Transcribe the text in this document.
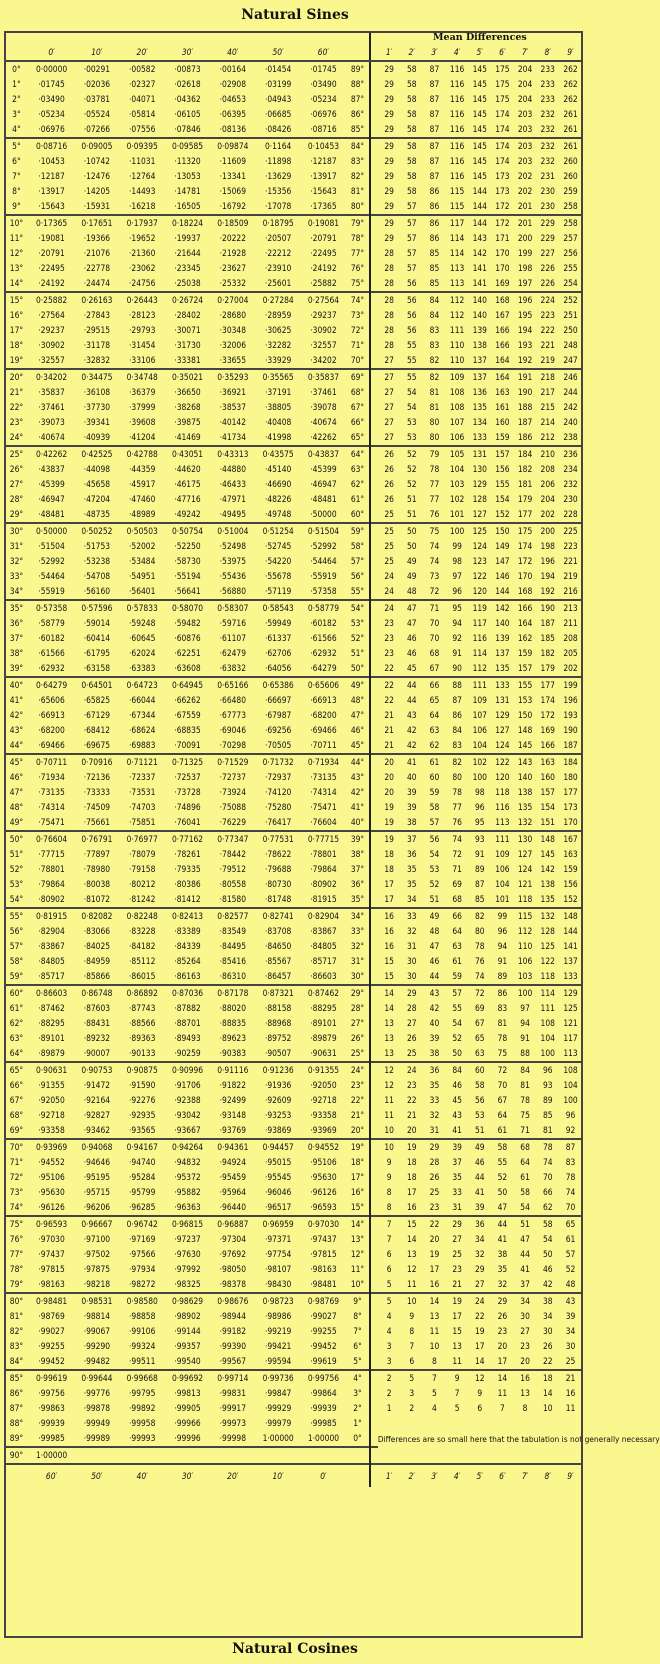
Natural Sines
										Mean Differences								
	0′	10′	20′	30′	40′	50′	60′			1′	2′	3′	4′	5′	6′	7′	8′	9′
0°	0·00000	·00291	·00582	·00873	·00164	·01454	·01745	89°		29	58	87	116	145	175	204	233	262
1°	·01745	·02036	·02327	·02618	·02908	·03199	·03490	88°		29	58	87	116	145	175	204	233	262
2°	·03490	·03781	·04071	·04362	·04653	·04943	·05234	87°		29	58	87	116	145	175	204	233	262
3°	·05234	·05524	·05814	·06105	·06395	·06685	·06976	86°		29	58	87	116	145	174	203	232	261
4°	·06976	·07266	·07556	·07846	·08136	·08426	·08716	85°		29	58	87	116	145	174	203	232	261
5°	0·08716	0·09005	0·09395	0·09585	0·09874	0·1164	0·10453	84°		29	58	87	116	145	174	203	232	261
6°	·10453	·10742	·11031	·11320	·11609	·11898	·12187	83°		29	58	87	116	145	174	203	232	260
7°	·12187	·12476	·12764	·13053	·13341	·13629	·13917	82°		29	58	87	116	145	173	202	231	260
8°	·13917	·14205	·14493	·14781	·15069	·15356	·15643	81°		29	58	86	115	144	173	202	230	259
9°	·15643	·15931	·16218	·16505	·16792	·17078	·17365	80°		29	57	86	115	144	172	201	230	258
10°	0·17365	0·17651	0·17937	0·18224	0·18509	0·18795	0·19081	79°		29	57	86	117	144	172	201	229	258
11°	·19081	·19366	·19652	·19937	·20222	·20507	·20791	78°		29	57	86	114	143	171	200	229	257
12°	·20791	·21076	·21360	·21644	·21928	·22212	·22495	77°		28	57	85	114	142	170	199	227	256
13°	·22495	·22778	·23062	·23345	·23627	·23910	·24192	76°		28	57	85	113	141	170	198	226	255
14°	·24192	·24474	·24756	·25038	·25332	·25601	·25882	75°		28	56	85	113	141	169	197	226	254
15°	0·25882	0·26163	0·26443	0·26724	0·27004	0·27284	0·27564	74°		28	56	84	112	140	168	196	224	252
16°	·27564	·27843	·28123	·28402	·28680	·28959	·29237	73°		28	56	84	112	140	167	195	223	251
17°	·29237	·29515	·29793	·30071	·30348	·30625	·30902	72°		28	56	83	111	139	166	194	222	250
18°	·30902	·31178	·31454	·31730	·32006	·32282	·32557	71°		28	55	83	110	138	166	193	221	248
19°	·32557	·32832	·33106	·33381	·33655	·33929	·34202	70°		27	55	82	110	137	164	192	219	247
20°	0·34202	0·34475	0·34748	0·35021	0·35293	0·35565	0·35837	69°		27	55	82	109	137	164	191	218	246
21°	·35837	·36108	·36379	·36650	·36921	·37191	·37461	68°		27	54	81	108	136	163	190	217	244
22°	·37461	·37730	·37999	·38268	·38537	·38805	·39078	67°		27	54	81	108	135	161	188	215	242
23°	·39073	·39341	·39608	·39875	·40142	·40408	·40674	66°		27	53	80	107	134	160	187	214	240
24°	·40674	·40939	·41204	·41469	·41734	·41998	·42262	65°		27	53	80	106	133	159	186	212	238
25°	0·42262	0·42525	0·42788	0·43051	0·43313	0·43575	0·43837	64°		26	52	79	105	131	157	184	210	236
26°	·43837	·44098	·44359	·44620	·44880	·45140	·45399	63°		26	52	78	104	130	156	182	208	234
27°	·45399	·45658	·45917	·46175	·46433	·46690	·46947	62°		26	52	77	103	129	155	181	206	232
28°	·46947	·47204	·47460	·47716	·47971	·48226	·48481	61°		26	51	77	102	128	154	179	204	230
29°	·48481	·48735	·48989	·49242	·49495	·49748	·50000	60°		25	51	76	101	127	152	177	202	228
30°	0·50000	0·50252	0·50503	0·50754	0·51004	0·51254	0·51504	59°		25	50	75	100	125	150	175	200	225
31°	·51504	·51753	·52002	·52250	·52498	·52745	·52992	58°		25	50	74	99	124	149	174	198	223
32°	·52992	·53238	·53484	·58730	·53975	·54220	·54464	57°		25	49	74	98	123	147	172	196	221
33°	·54464	·54708	·54951	·55194	·55436	·55678	·55919	56°		24	49	73	97	122	146	170	194	219
34°	·55919	·56160	·56401	·56641	·56880	·57119	·57358	55°		24	48	72	96	120	144	168	192	216
35°	0·57358	0·57596	0·57833	0·58070	0·58307	0·58543	0·58779	54°		24	47	71	95	119	142	166	190	213
36°	·58779	·59014	·59248	·59482	·59716	·59949	·60182	53°		23	47	70	94	117	140	164	187	211
37°	·60182	·60414	·60645	·60876	·61107	·61337	·61566	52°		23	46	70	92	116	139	162	185	208
38°	·61566	·61795	·62024	·62251	·62479	·62706	·62932	51°		23	46	68	91	114	137	159	182	205
39°	·62932	·63158	·63383	·63608	·63832	·64056	·64279	50°		22	45	67	90	112	135	157	179	202
40°	0·64279	0·64501	0·64723	0·64945	0·65166	0·65386	0·65606	49°		22	44	66	88	111	133	155	177	199
41°	·65606	·65825	·66044	·66262	·66480	·66697	·66913	48°		22	44	65	87	109	131	153	174	196
42°	·66913	·67129	·67344	·67559	·67773	·67987	·68200	47°		21	43	64	86	107	129	150	172	193
43°	·68200	·68412	·68624	·68835	·69046	·69256	·69466	46°		21	42	63	84	106	127	148	169	190
44°	·69466	·69675	·69883	·70091	·70298	·70505	·70711	45°		21	42	62	83	104	124	145	166	187
45°	0·70711	0·70916	0·71121	0·71325	0·71529	0·71732	0·71934	44°		20	41	61	82	102	122	143	163	184
46°	·71934	·72136	·72337	·72537	·72737	·72937	·73135	43°		20	40	60	80	100	120	140	160	180
47°	·73135	·73333	·73531	·73728	·73924	·74120	·74314	42°		20	39	59	78	98	118	138	157	177
48°	·74314	·74509	·74703	·74896	·75088	·75280	·75471	41°		19	39	58	77	96	116	135	154	173
49°	·75471	·75661	·75851	·76041	·76229	·76417	·76604	40°		19	38	57	76	95	113	132	151	170
50°	0·76604	0·76791	0·76977	0·77162	0·77347	0·77531	0·77715	39°		19	37	56	74	93	111	130	148	167
51°	·77715	·77897	·78079	·78261	·78442	·78622	·78801	38°		18	36	54	72	91	109	127	145	163
52°	·78801	·78980	·79158	·79335	·79512	·79688	·79864	37°		18	35	53	71	89	106	124	142	159
53°	·79864	·80038	·80212	·80386	·80558	·80730	·80902	36°		17	35	52	69	87	104	121	138	156
54°	·80902	·81072	·81242	·81412	·81580	·81748	·81915	35°		17	34	51	68	85	101	118	135	152
55°	0·81915	0·82082	0·82248	0·82413	0·82577	0·82741	0·82904	34°		16	33	49	66	82	99	115	132	148
56°	·82904	·83066	·83228	·83389	·83549	·83708	·83867	33°		16	32	48	64	80	96	112	128	144
57°	·83867	·84025	·84182	·84339	·84495	·84650	·84805	32°		16	31	47	63	78	94	110	125	141
58°	·84805	·84959	·85112	·85264	·85416	·85567	·85717	31°		15	30	46	61	76	91	106	122	137
59°	·85717	·85866	·86015	·86163	·86310	·86457	·86603	30°		15	30	44	59	74	89	103	118	133
60°	0·86603	0·86748	0·86892	0·87036	0·87178	0·87321	0·87462	29°		14	29	43	57	72	86	100	114	129
61°	·87462	·87603	·87743	·87882	·88020	·88158	·88295	28°		14	28	42	55	69	83	97	111	125
62°	·88295	·88431	·88566	·88701	·88835	·88968	·89101	27°		13	27	40	54	67	81	94	108	121
63°	·89101	·89232	·89363	·89493	·89623	·89752	·89879	26°		13	26	39	52	65	78	91	104	117
64°	·89879	·90007	·90133	·90259	·90383	·90507	·90631	25°		13	25	38	50	63	75	88	100	113
65°	0·90631	0·90753	0·90875	0·90996	0·91116	0·91236	0·91355	24°		12	24	36	84	60	72	84	96	108
66°	·91355	·91472	·91590	·91706	·91822	·91936	·92050	23°		12	23	35	46	58	70	81	93	104
67°	·92050	·92164	·92276	·92388	·92499	·92609	·92718	22°		11	22	33	45	56	67	78	89	100
68°	·92718	·92827	·92935	·93042	·93148	·93253	·93358	21°		11	21	32	43	53	64	75	85	96
69°	·93358	·93462	·93565	·93667	·93769	·93869	·93969	20°		10	20	31	41	51	61	71	81	92
70°	0·93969	0·94068	0·94167	0·94264	0·94361	0·94457	0·94552	19°		10	19	29	39	49	58	68	78	87
71°	·94552	·94646	·94740	·94832	·94924	·95015	·95106	18°		9	18	28	37	46	55	64	74	83
72°	·95106	·95195	·95284	·95372	·95459	·95545	·95630	17°		9	18	26	35	44	52	61	70	78
73°	·95630	·95715	·95799	·95882	·95964	·96046	·96126	16°		8	17	25	33	41	50	58	66	74
74°	·96126	·96206	·96285	·96363	·96440	·96517	·96593	15°		8	16	23	31	39	47	54	62	70
75°	0·96593	0·96667	0·96742	0·96815	0·96887	0·96959	0·97030	14°		7	15	22	29	36	44	51	58	65
76°	·97030	·97100	·97169	·97237	·97304	·97371	·97437	13°		7	14	20	27	34	41	47	54	61
77°	·97437	·97502	·97566	·97630	·97692	·97754	·97815	12°		6	13	19	25	32	38	44	50	57
78°	·97815	·97875	·97934	·97992	·98050	·98107	·98163	11°		6	12	17	23	29	35	41	46	52
79°	·98163	·98218	·98272	·98325	·98378	·98430	·98481	10°		5	11	16	21	27	32	37	42	48
80°	0·98481	0·98531	0·98580	0·98629	0·98676	0·98723	0·98769	9°		5	10	14	19	24	29	34	38	43
81°	·98769	·98814	·98858	·98902	·98944	·98986	·99027	8°		4	9	13	17	22	26	30	34	39
82°	·99027	·99067	·99106	·99144	·99182	·99219	·99255	7°		4	8	11	15	19	23	27	30	34
83°	·99255	·99290	·99324	·99357	·99390	·99421	·99452	6°		3	7	10	13	17	20	23	26	30
84°	·99452	·99482	·99511	·99540	·99567	·99594	·99619	5°		3	6	8	11	14	17	20	22	25
85°	0·99619	0·99644	0·99668	0·99692	0·99714	0·99736	0·99756	4°		2	5	7	9	12	14	16	18	21
86°	·99756	·99776	·99795	·99813	·99831	·99847	·99864	3°		2	3	5	7	9	11	13	14	16
87°	·99863	·99878	·99892	·99905	·99917	·99929	·99939	2°		1	2	4	5	6	7	8	10	11
88°	·99939	·99949	·99958	·99966	·99973	·99979	·99985	1°		Differences are so small here that the tabulation is not generally necessary								
89°	·99985	·99989	·99993	·99996	·99998	1·00000	1·00000	0°										
90°	1·00000																	
	60′	50′	40′	30′	20′	10′	0′			1′	2′	3′	4′	5′	6′	7′	8′	9′
Natural Cosines
